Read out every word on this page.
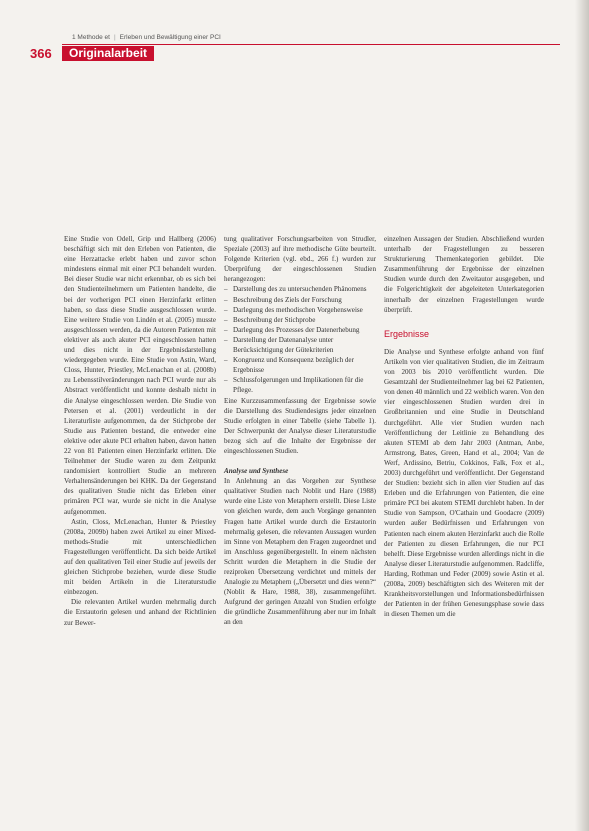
1 Methode et | Erleben und Bewältigung einer PCI
366	Originalarbeit

Eine Studie von Odell, Grip und Hallberg (2006) beschäftigt sich mit den Erleben von Patienten, die eine Herzattacke erlebt haben und zuvor schon mindestens einmal mit einer PCI behandelt wurden. Bei dieser Studie war nicht erkennbar, ob es sich bei den Studienteilnehmern um Patienten handelte, die bei der vorherigen PCI einen Herzinfarkt erlitten haben, so dass diese Studie ausgeschlossen wurde. Eine weitere Studie von Lindén et al. (2005) musste ausgeschlossen werden, da die Autoren Patienten mit elektiver als auch akuter PCI eingeschlossen hatten und dies nicht in der Ergebnisdarstellung wiedergegeben wurde. Eine Studie von Astin, Ward, Closs, Hunter, Priestley, McLenachan et al. (2008b) zu Lebensstilveränderungen nach PCI wurde nur als Abstract veröffentlicht und konnte deshalb nicht in die Analyse eingeschlossen werden. Die Studie von Petersen et al. (2001) verdeutlicht in der Literaturliste aufgenommen, da der Stichprobe der Studie aus Patienten bestand, die entweder eine elektive oder akute PCI erhalten haben, davon hatten 22 von 81 Patienten einen Herzinfarkt erlitten. Die Teilnehmer der Studie waren zu dem Zeitpunkt randomisiert kontrolliert Studie an mehreren Verhaltensänderungen bei KHK. Da der Gegenstand des qualitativen Studie nicht das Erleben einer primären PCI war, wurde sie nicht in die Analyse aufgenommen.

Astin, Closs, McLenachan, Hunter & Priestley (2008a, 2009b) haben zwei Artikel zu einer Mixed-methods-Studie mit unterschiedlichen Fragestellungen veröffentlicht. Da sich beide Artikel auf den qualitativen Teil einer Studie auf jeweils der gleichen Stichprobe beziehen, wurde diese Studie mit beiden Artikeln in die Literaturstudie einbezogen.

Die relevanten Artikel wurden mehrmalig durch die Erstautorin gelesen und anhand der Richtlinien zur Bewer-

tung qualitativer Forschungsarbeiten von Strudler, Speziale (2003) auf ihre methodische Güte beurteilt. Folgende Kriterien (vgl. ebd., 266 f.) wurden zur Überprüfung der eingeschlossenen Studien herangezogen:

– Darstellung des zu untersuchenden Phänomens
– Beschreibung des Ziels der Forschung
– Darlegung des methodischen Vorgehensweise
– Beschreibung der Stichprobe
– Darlegung des Prozesses der Datenerhebung
– Darstellung der Datenanalyse unter Berücksichtigung der Gütekriterien
– Kongruenz und Konsequenz bezüglich der Ergebnisse
– Schlussfolgerungen und Implikationen für die Pflege.

Eine Kurzzusammenfassung der Ergebnisse sowie die Darstellung des Studiendesigns jeder einzelnen Studie erfolgten in einer Tabelle (siehe Tabelle 1). Der Schwerpunkt der Analyse dieser Literaturstudie bezog sich auf die Inhalte der Ergebnisse der eingeschlossenen Studien.

Analyse und Synthese

In Anlehnung an das Vorgehen zur Synthese qualitativer Studien nach Noblit und Hare (1988) wurde eine Liste von Metaphern erstellt. Diese Liste von gleichen wurde, dem auch Vorgänge genannten Fragen hatte Artikel wurde durch die Erstautorin mehrmalig gelesen, die relevanten Aussagen wurden im Sinne von Metaphern den Fragen zugeordnet und im Anschluss gegenübergestellt. In einem nächsten Schritt wurden die Metaphern in die Studie der reziproken Übersetzung verdichtet und mittels der Analogie zu Metaphern („Übersetzt und dies wenn?“ (Noblit & Hare, 1988, 38), zusammengeführt. Aufgrund der geringen Anzahl von Studien erfolgte die gründliche Zusammenführung aber nur im Inhalt an den

einzelnen Aussagen der Studien. Abschließend wurden unterhalb der Fragestellungen zu besseren Strukturierung Themenkategorien gebildet. Die Zusammenführung der Ergebnisse der einzelnen Studien wurde durch den Zweitautor ausgegeben, und die Folgerichtigkeit der abgeleiteten Unterkategorien innerhalb der einzelnen Fragestellungen wurde überprüft.

Ergebnisse

Die Analyse und Synthese erfolgte anhand von fünf Artikeln von vier qualitativen Studien, die im Zeitraum von 2003 bis 2010 veröffentlicht wurden. Die Gesamtzahl der Studienteilnehmer lag bei 62 Patienten, von denen 40 männlich und 22 weiblich waren. Von den vier eingeschlossenen Studien wurden drei in Großbritannien und eine Studie in Deutschland durchgeführt. Alle vier Studien wurden nach Veröffentlichung der Leitlinie zu Behandlung des akuten STEMI ab dem Jahr 2003 (Antman, Anbe, Armstrong, Bates, Green, Hand et al., 2004; Van de Werf, Ardissino, Betriu, Cokkinos, Falk, Fox et al., 2003) durchgeführt und veröffentlicht. Der Gegenstand der Studien: bezieht sich in allen vier Studien auf das Erleben und die Erfahrungen von Patienten, die eine primäre PCI bei akutem STEMI durchlebt haben. In der Studie von Sampson, O'Cathain und Goodacre (2009) wurden außer Bedürfnissen und Erfahrungen von Patienten nach einem akuten Herzinfarkt auch die Rolle der Patienten zu diesen Erfahrungen, die nur PCI behelft. Diese Ergebnisse wurden allerdings nicht in die Analyse dieser Literaturstudie aufgenommen. Radcliffe, Harding, Rothman und Feder (2009) sowie Astin et al. (2008a, 2009) beschäftigten sich des Weiteren mit der Krankheitsvorstellungen und Informationsbedürfnissen der Patienten in der frühen Genesungsphase sowie dass in diesen Themen um die
